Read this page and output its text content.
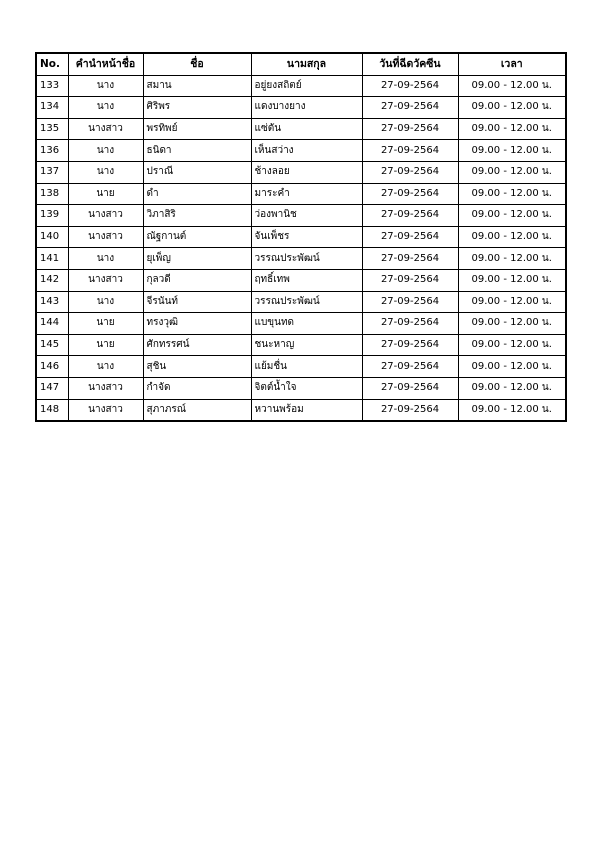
No.	คำนำหน้าชื่อ	ชื่อ	นามสกุล	วันที่ฉีดวัคซีน	เวลา
133	นาง	สมาน	อยู่ยงสถิตย์	27-09-2564	09.00 - 12.00 น.
134	นาง	ศิริพร	แดงบางยาง	27-09-2564	09.00 - 12.00 น.
135	นางสาว	พรทิพย์	แซ่ตัน	27-09-2564	09.00 - 12.00 น.
136	นาง	ธนิดา	เห็นสว่าง	27-09-2564	09.00 - 12.00 น.
137	นาง	ปราณี	ช้างลอย	27-09-2564	09.00 - 12.00 น.
138	นาย	ดำ	มาระคำ	27-09-2564	09.00 - 12.00 น.
139	นางสาว	วิภาสิริ	ว่องพานิช	27-09-2564	09.00 - 12.00 น.
140	นางสาว	ณัฐกานต์	จันเพ็ชร	27-09-2564	09.00 - 12.00 น.
141	นาง	ยุเพ็ญ	วรรณประพัฒน์	27-09-2564	09.00 - 12.00 น.
142	นางสาว	กุลวดี	ฤทธิ์เทพ	27-09-2564	09.00 - 12.00 น.
143	นาง	จีรนันท์	วรรณประพัฒน์	27-09-2564	09.00 - 12.00 น.
144	นาย	ทรงวุฒิ	แบขุนทด	27-09-2564	09.00 - 12.00 น.
145	นาย	ศักทรรศน์	ชนะหาญ	27-09-2564	09.00 - 12.00 น.
146	นาง	สุชิน	แย้มชื่น	27-09-2564	09.00 - 12.00 น.
147	นางสาว	กำจัด	จิตต์น้ำใจ	27-09-2564	09.00 - 12.00 น.
148	นางสาว	สุภาภรณ์	หวานพร้อม	27-09-2564	09.00 - 12.00 น.
